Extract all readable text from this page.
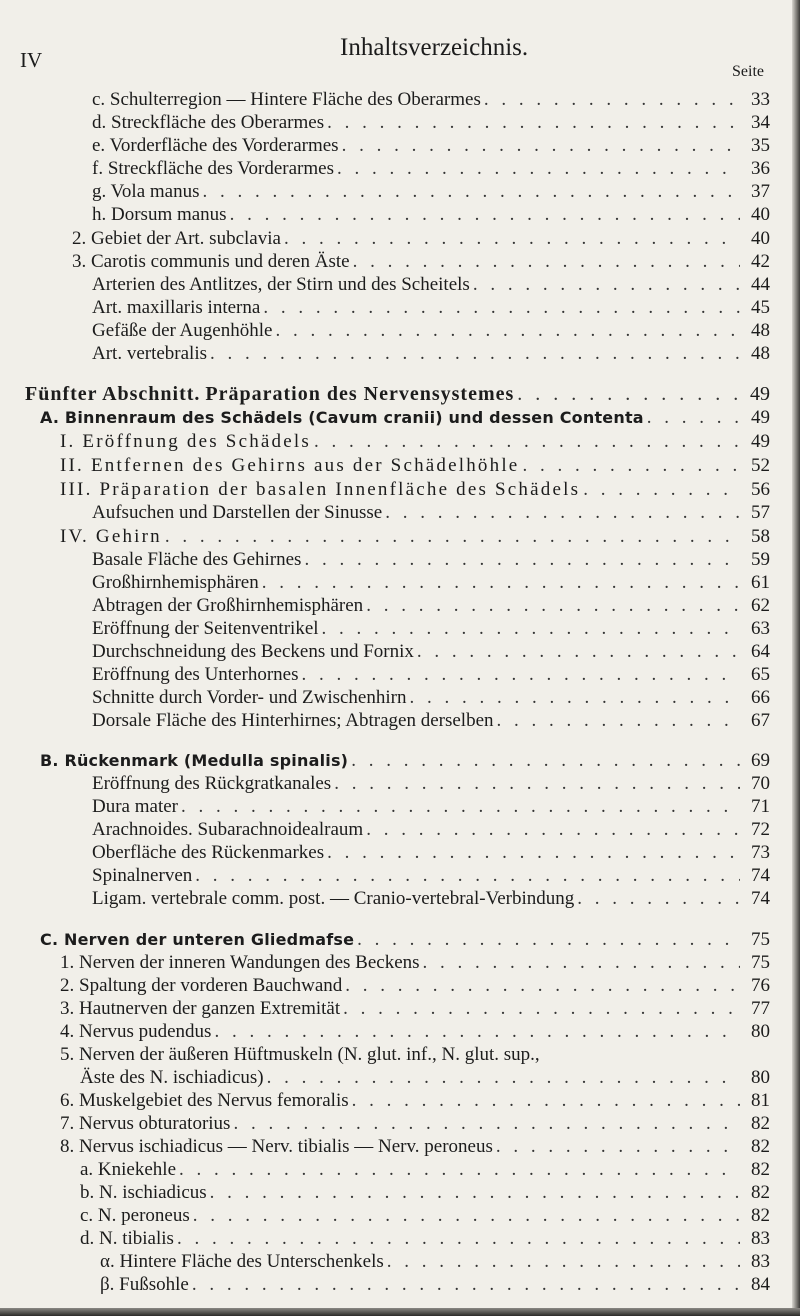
IV	Inhaltsverzeichnis.
Seite
c. Schulterregion — Hintere Fläche des Oberarmes . . .	33
d. Streckfläche des Oberarmes . . .	34
e. Vorderfläche des Vorderarmes . . .	35
f. Streckfläche des Vorderarmes . . .	36
g. Vola manus . . .	37
h. Dorsum manus . . .	40
2. Gebiet der Art. subclavia . . .	40
3. Carotis communis und deren Äste . . .	42
Arterien des Antlitzes, der Stirn und des Scheitels . . .	44
Art. maxillaris interna . . .	45
Gefäße der Augenhöhle . . .	48
Art. vertebralis . . .	48
Fünfter Abschnitt. Präparation des Nervensystemes . . .	49
A. Binnenraum des Schädels (Cavum cranii) und dessen Contenta . . .	49
I. Eröffnung des Schädels . . .	49
II. Entfernen des Gehirns aus der Schädelhöhle . . .	52
III. Präparation der basalen Innenfläche des Schädels . . .	56
Aufsuchen und Darstellen der Sinusse . . .	57
IV. Gehirn . . .	58
Basale Fläche des Gehirnes . . .	59
Großhirnhemisphären . . .	61
Abtragen der Großhirnhemisphären . . .	62
Eröffnung der Seitenventrikel . . .	63
Durchschneidung des Beckens und Fornix . . .	64
Eröffnung des Unterhornes . . .	65
Schnitte durch Vorder- und Zwischenhirn . . .	66
Dorsale Fläche des Hinterhirnes; Abtragen derselben . . .	67
B. Rückenmark (Medulla spinalis) . . .	69
Eröffnung des Rückgratkanales . . .	70
Dura mater . . .	71
Arachnoides. Subarachnoidealraum . . .	72
Oberfläche des Rückenmarkes . . .	73
Spinalnerven . . .	74
Ligam. vertebrale comm. post. — Cranio-vertebral-Verbindung . . .	74
C. Nerven der unteren Gliedmafse . . .	75
1. Nerven der inneren Wandungen des Beckens . . .	75
2. Spaltung der vorderen Bauchwand . . .	76
3. Hautnerven der ganzen Extremität . . .	77
4. Nervus pudendus . . .	80
5. Nerven der äußeren Hüftmuskeln (N. glut. inf., N. glut. sup.,
Äste des N. ischiadicus) . . .	80
6. Muskelgebiet des Nervus femoralis . . .	81
7. Nervus obturatorius . . .	82
8. Nervus ischiadicus — Nerv. tibialis — Nerv. peroneus . . .	82
a. Kniekehle . . .	82
b. N. ischiadicus . . .	82
c. N. peroneus . . .	82
d. N. tibialis . . .	83
α. Hintere Fläche des Unterschenkels . . .	83
β. Fußsohle . . .	84
